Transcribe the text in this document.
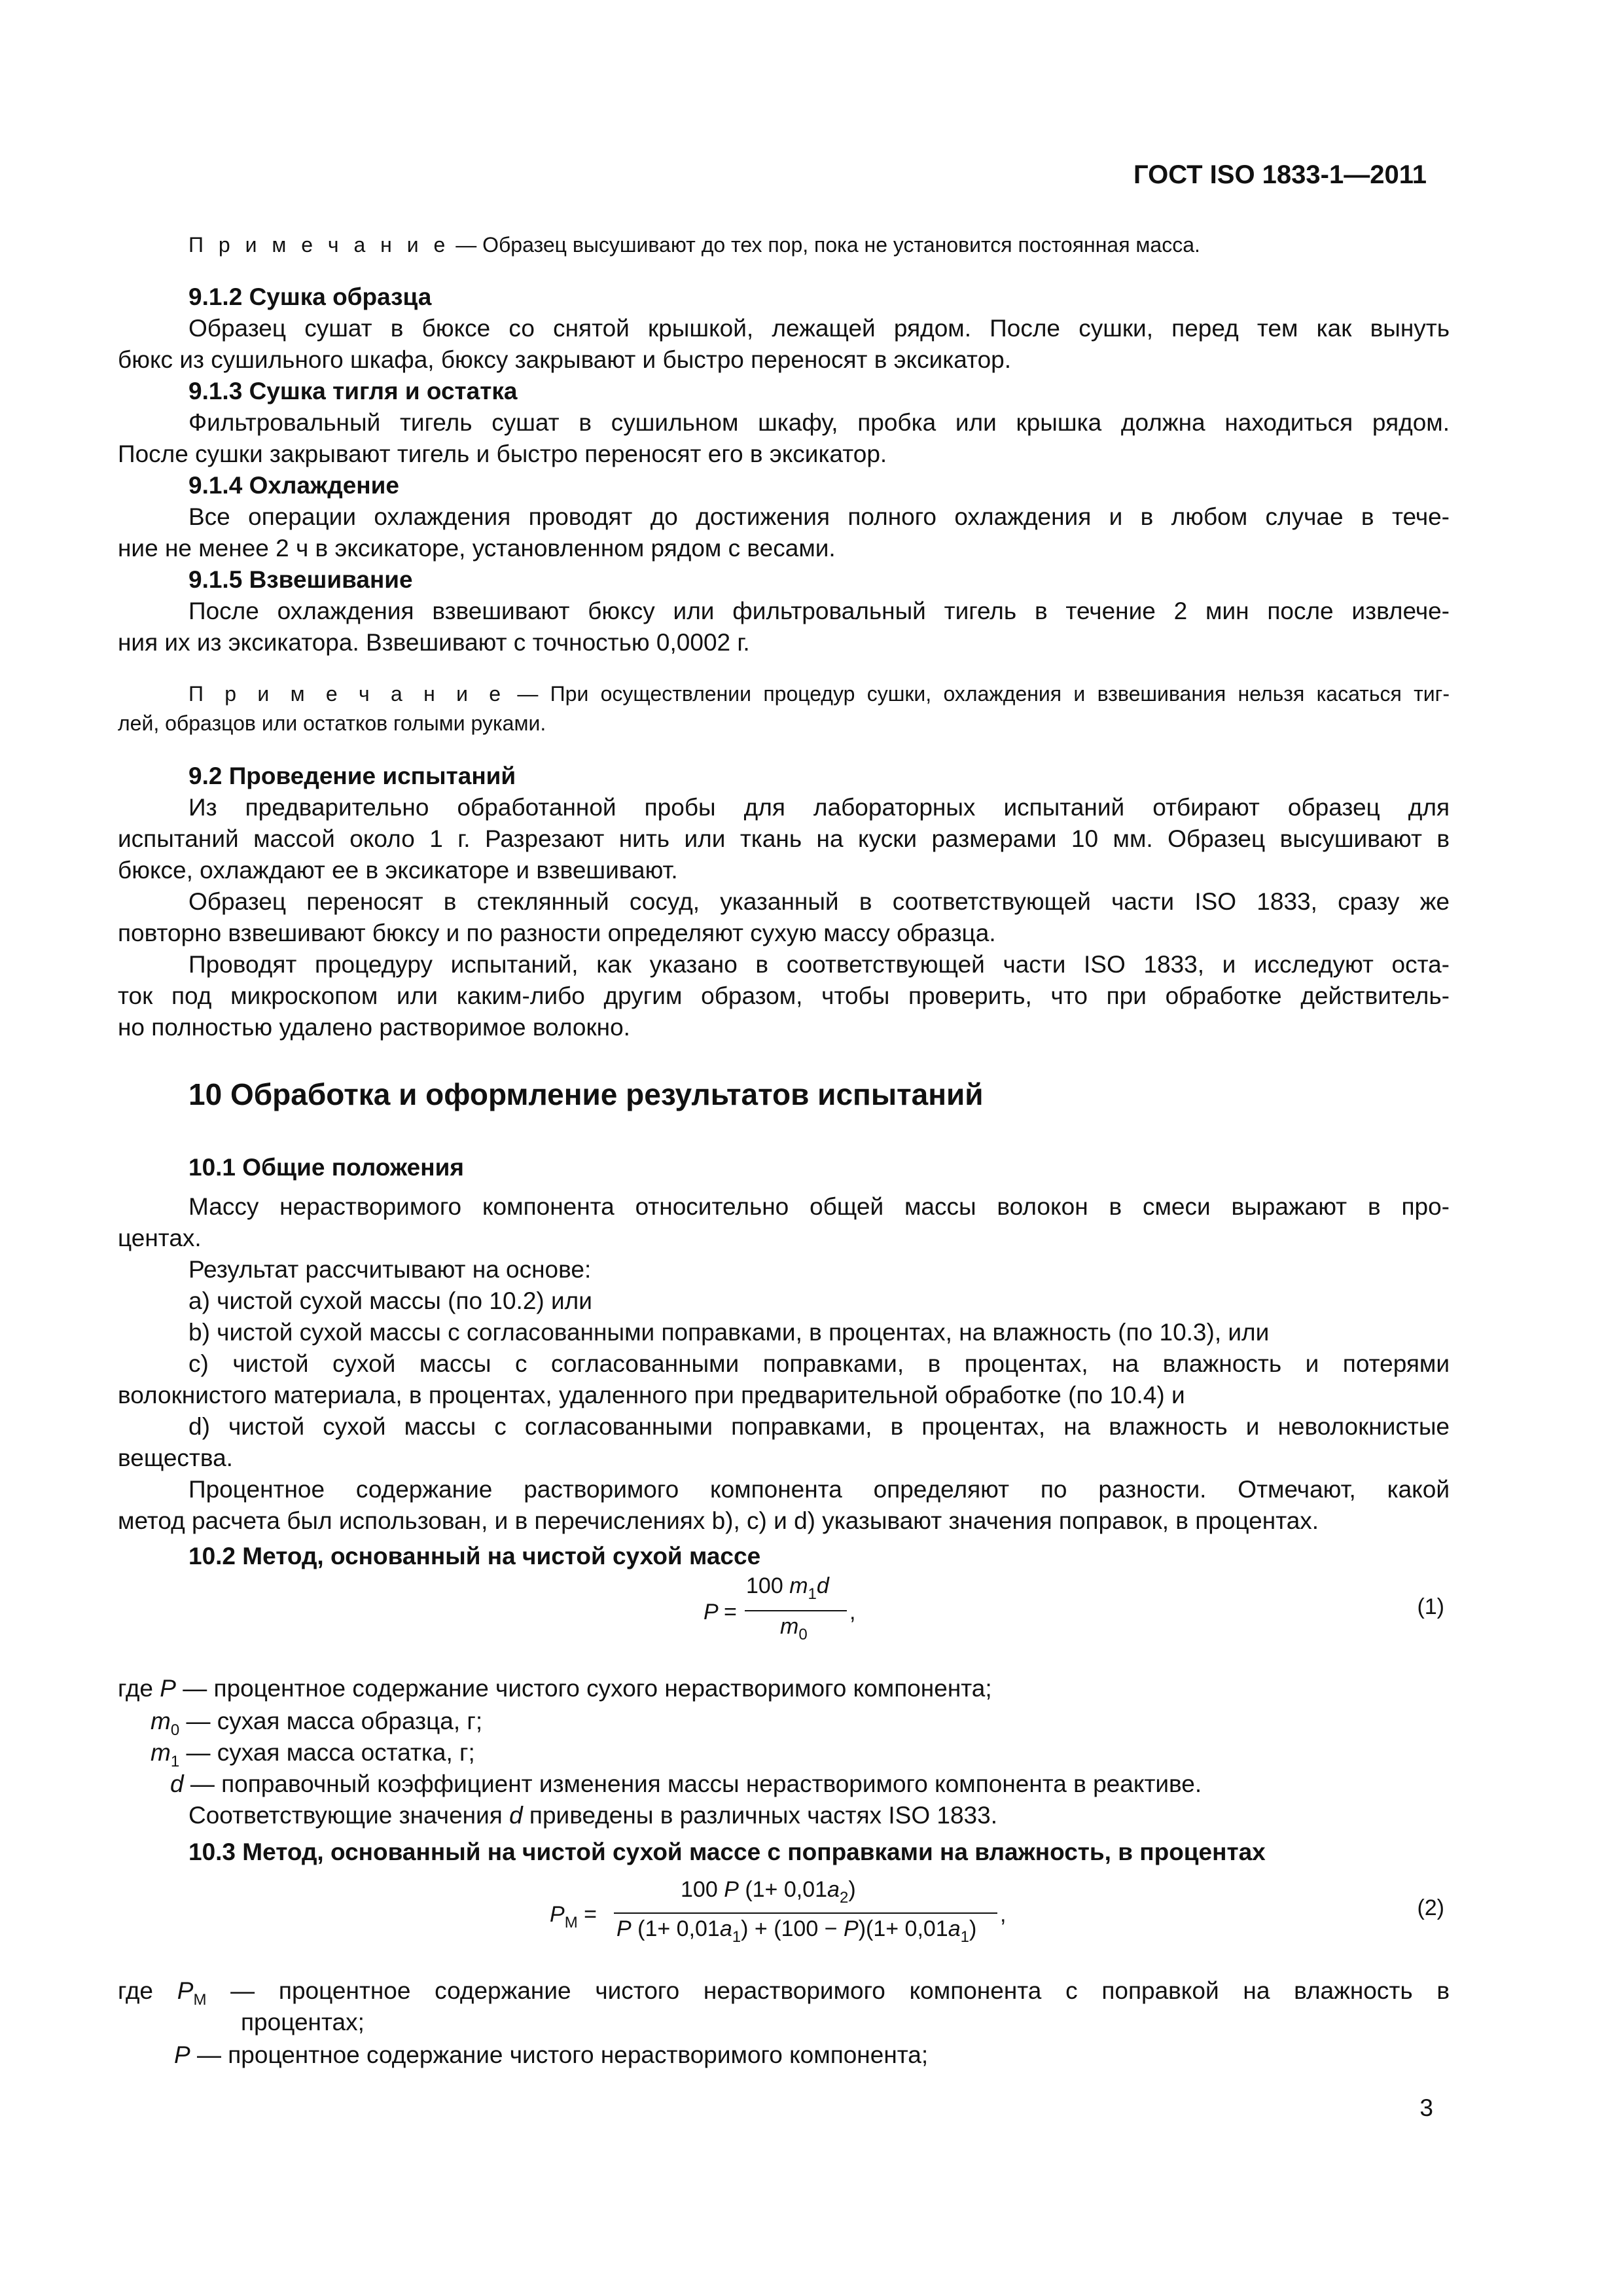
ГОСТ ISO 1833-1—2011
П р и м е ч а н и е — Образец высушивают до тех пор, пока не установится постоянная масса.
9.1.2 Сушка образца
Образец сушат в бюксе со снятой крышкой, лежащей рядом. После сушки, перед тем как вынуть
бюкс из сушильного шкафа, бюксу закрывают и быстро переносят в эксикатор.
9.1.3 Сушка тигля и остатка
Фильтровальный тигель сушат в сушильном шкафу, пробка или крышка должна находиться рядом.
После сушки закрывают тигель и быстро переносят его в эксикатор.
9.1.4 Охлаждение
Все операции охлаждения проводят до достижения полного охлаждения и в любом случае в тече-
ние не менее 2 ч в эксикаторе, установленном рядом с весами.
9.1.5 Взвешивание
После охлаждения взвешивают бюксу или фильтровальный тигель в течение 2 мин после извлече-
ния их из эксикатора. Взвешивают с точностью 0,0002 г.
П р и м е ч а н и е — При осуществлении процедур сушки, охлаждения и взвешивания нельзя касаться тиг-
лей, образцов или остатков голыми руками.
9.2 Проведение испытаний
Из предварительно обработанной пробы для лабораторных испытаний отбирают образец для
испытаний массой около 1 г. Разрезают нить или ткань на куски размерами 10 мм. Образец высушивают в
бюксе, охлаждают ее в эксикаторе и взвешивают.
Образец переносят в стеклянный сосуд, указанный в соответствующей части ISO 1833, сразу же
повторно взвешивают бюксу и по разности определяют сухую массу образца.
Проводят процедуру испытаний, как указано в соответствующей части ISO 1833, и исследуют оста-
ток под микроскопом или каким-либо другим образом, чтобы проверить, что при обработке действитель-
но полностью удалено растворимое волокно.
10 Обработка и оформление результатов испытаний
10.1 Общие положения
Массу нерастворимого компонента относительно общей массы волокон в смеси выражают в про-
центах.
Результат рассчитывают на основе:
а) чистой сухой массы (по 10.2) или
b) чистой сухой массы с согласованными поправками, в процентах, на влажность (по 10.3), или
c) чистой сухой массы с согласованными поправками, в процентах, на влажность и потерями
волокнистого материала, в процентах, удаленного при предварительной обработке (по 10.4) и
d) чистой сухой массы с согласованными поправками, в процентах, на влажность и неволокнистые
вещества.
Процентное содержание растворимого компонента определяют по разности. Отмечают, какой
метод расчета был использован, и в перечислениях b), c) и d) указывают значения поправок, в процентах.
10.2 Метод, основанный на чистой сухой массе
P =
100 $m_1d$
$m_0$
,	(1)
где P — процентное содержание чистого сухого нерастворимого компонента;
$m_0$ — сухая масса образца, г;
$m_1$ — сухая масса остатка, г;
d — поправочный коэффициент изменения массы нерастворимого компонента в реактиве.
Соответствующие значения d приведены в различных частях ISO 1833.
10.3 Метод, основанный на чистой сухой массе с поправками на влажность, в процентах
$P_M$ =
100 P $(1+ 0,01a_2)$
P $(1+ 0,01a_1) + (100 - P)(1+ 0,01a_1)$
,	(2)
где $P_M$ — процентное содержание чистого нерастворимого компонента с поправкой на влажность в
процентах;
P — процентное содержание чистого нерастворимого компонента;
3
